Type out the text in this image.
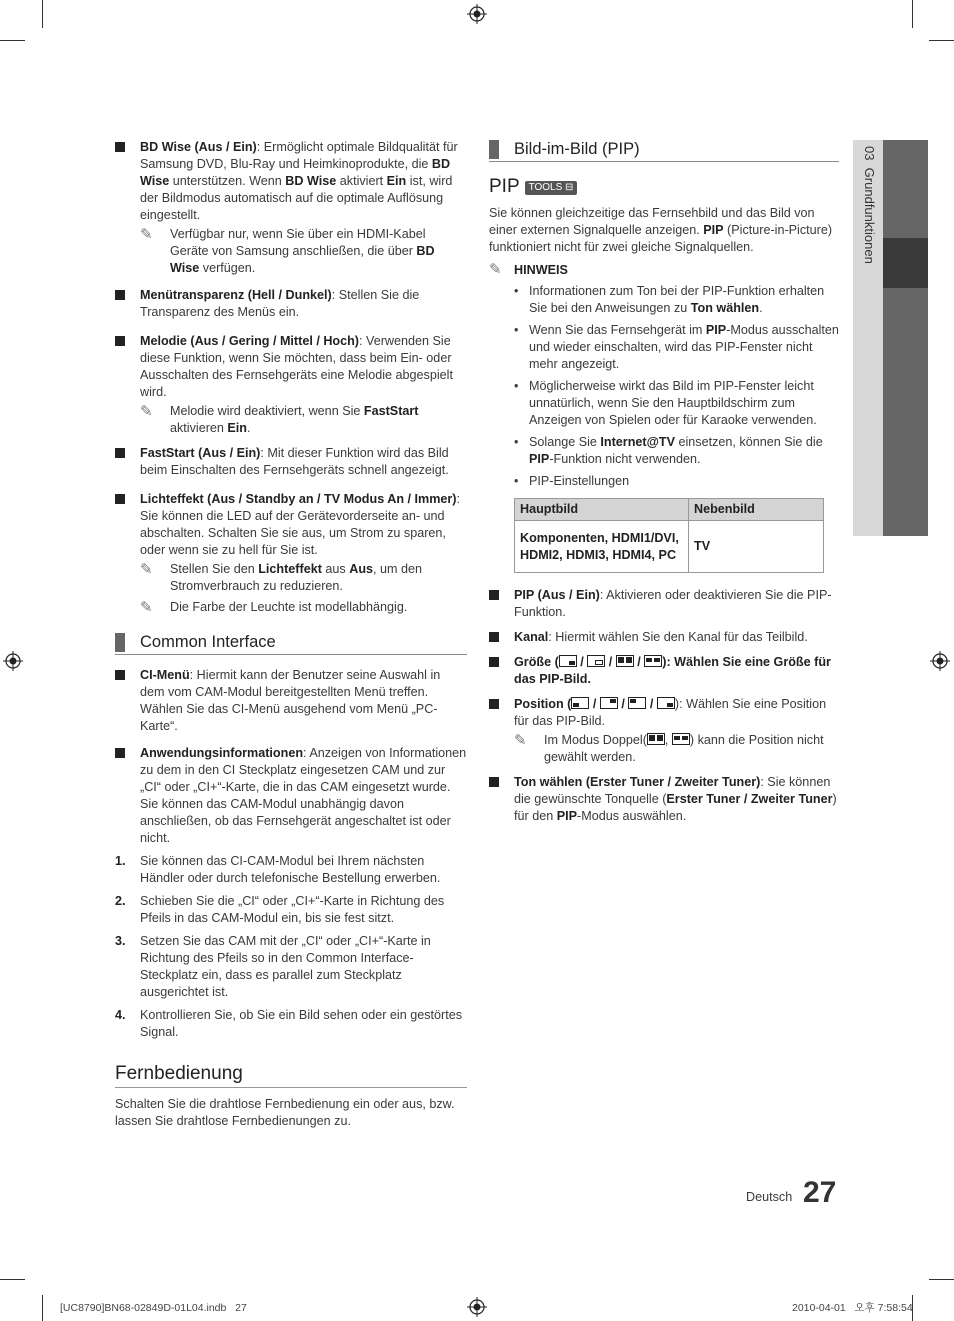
03  Grundfunktionen
BD Wise (Aus / Ein): Ermöglicht optimale Bildqualität für Samsung DVD, Blu-Ray und Heimkinoprodukte, die BD Wise unterstützen. Wenn BD Wise aktiviert Ein ist, wird der Bildmodus automatisch auf die optimale Auflösung eingestellt.
✎ Verfügbar nur, wenn Sie über ein HDMI-Kabel Geräte von Samsung anschließen, die über BD Wise verfügen.
Menütransparenz (Hell / Dunkel): Stellen Sie die Transparenz des Menüs ein.
Melodie (Aus / Gering / Mittel / Hoch): Verwenden Sie diese Funktion, wenn Sie möchten, dass beim Ein- oder Ausschalten des Fernsehgeräts eine Melodie abgespielt wird.
✎ Melodie wird deaktiviert, wenn Sie FastStart aktivieren Ein.
FastStart (Aus / Ein): Mit dieser Funktion wird das Bild beim Einschalten des Fernsehgeräts schnell angezeigt.
Lichteffekt (Aus / Standby an / TV Modus An / Immer): Sie können die LED auf der Gerätevorderseite an- und abschalten. Schalten Sie sie aus, um Strom zu sparen, oder wenn sie zu hell für Sie ist.
✎ Stellen Sie den Lichteffekt aus Aus, um den Stromverbrauch zu reduzieren.
✎ Die Farbe der Leuchte ist modellabhängig.
Common Interface
CI-Menü: Hiermit kann der Benutzer seine Auswahl in dem vom CAM-Modul bereitgestellten Menü treffen. Wählen Sie das CI-Menü ausgehend vom Menü „PC-Karte“.
Anwendungsinformationen: Anzeigen von Informationen zu dem in den CI Steckplatz eingesetzen CAM und zur „CI“ oder „CI+“-Karte, die in das CAM eingesetzt wurde. Sie können das CAM-Modul unabhängig davon anschließen, ob das Fernsehgerät angeschaltet ist oder nicht.
1. Sie können das CI-CAM-Modul bei Ihrem nächsten Händler oder durch telefonische Bestellung erwerben.
2. Schieben Sie die „CI“ oder „CI+“-Karte in Richtung des Pfeils in das CAM-Modul ein, bis sie fest sitzt.
3. Setzen Sie das CAM mit der „CI“ oder „CI+“-Karte in Richtung des Pfeils so in den Common Interface-Steckplatz ein, dass es parallel zum Steckplatz ausgerichtet ist.
4. Kontrollieren Sie, ob Sie ein Bild sehen oder ein gestörtes Signal.
Fernbedienung
Schalten Sie die drahtlose Fernbedienung ein oder aus, bzw. lassen Sie drahtlose Fernbedienungen zu.
Bild-im-Bild (PIP)
PIP TOOLS ⊟
Sie können gleichzeitige das Fernsehbild und das Bild von einer externen Signalquelle anzeigen. PIP (Picture-in-Picture) funktioniert nicht für zwei gleiche Signalquellen.
✎ HINWEIS
• Informationen zum Ton bei der PIP-Funktion erhalten Sie bei den Anweisungen zu Ton wählen.
• Wenn Sie das Fernsehgerät im PIP-Modus ausschalten und wieder einschalten, wird das PIP-Fenster nicht mehr angezeigt.
• Möglicherweise wirkt das Bild im PIP-Fenster leicht unnatürlich, wenn Sie den Hauptbildschirm zum Anzeigen von Spielen oder für Karaoke verwenden.
• Solange Sie Internet@TV einsetzen, können Sie die PIP-Funktion nicht verwenden.
• PIP-Einstellungen
Hauptbild	Nebenbild
Komponenten, HDMI1/DVI, HDMI2, HDMI3, HDMI4, PC	TV
PIP (Aus / Ein): Aktivieren oder deaktivieren Sie die PIP-Funktion.
Kanal: Hiermit wählen Sie den Kanal für das Teilbild.
Größe (
/
/
/
): Wählen Sie eine Größe für das PIP-Bild.
Position (
/
/
/
): Wählen Sie eine Position für das PIP-Bild.
✎ Im Modus Doppel( ,
) kann die Position nicht gewählt werden.
Ton wählen (Erster Tuner / Zweiter Tuner): Sie können die gewünschte Tonquelle (Erster Tuner / Zweiter Tuner) für den PIP-Modus auswählen.
Deutsch 27
[UC8790]BN68-02849D-01L04.indb   27	2010-04-01   오후 7:58:54
